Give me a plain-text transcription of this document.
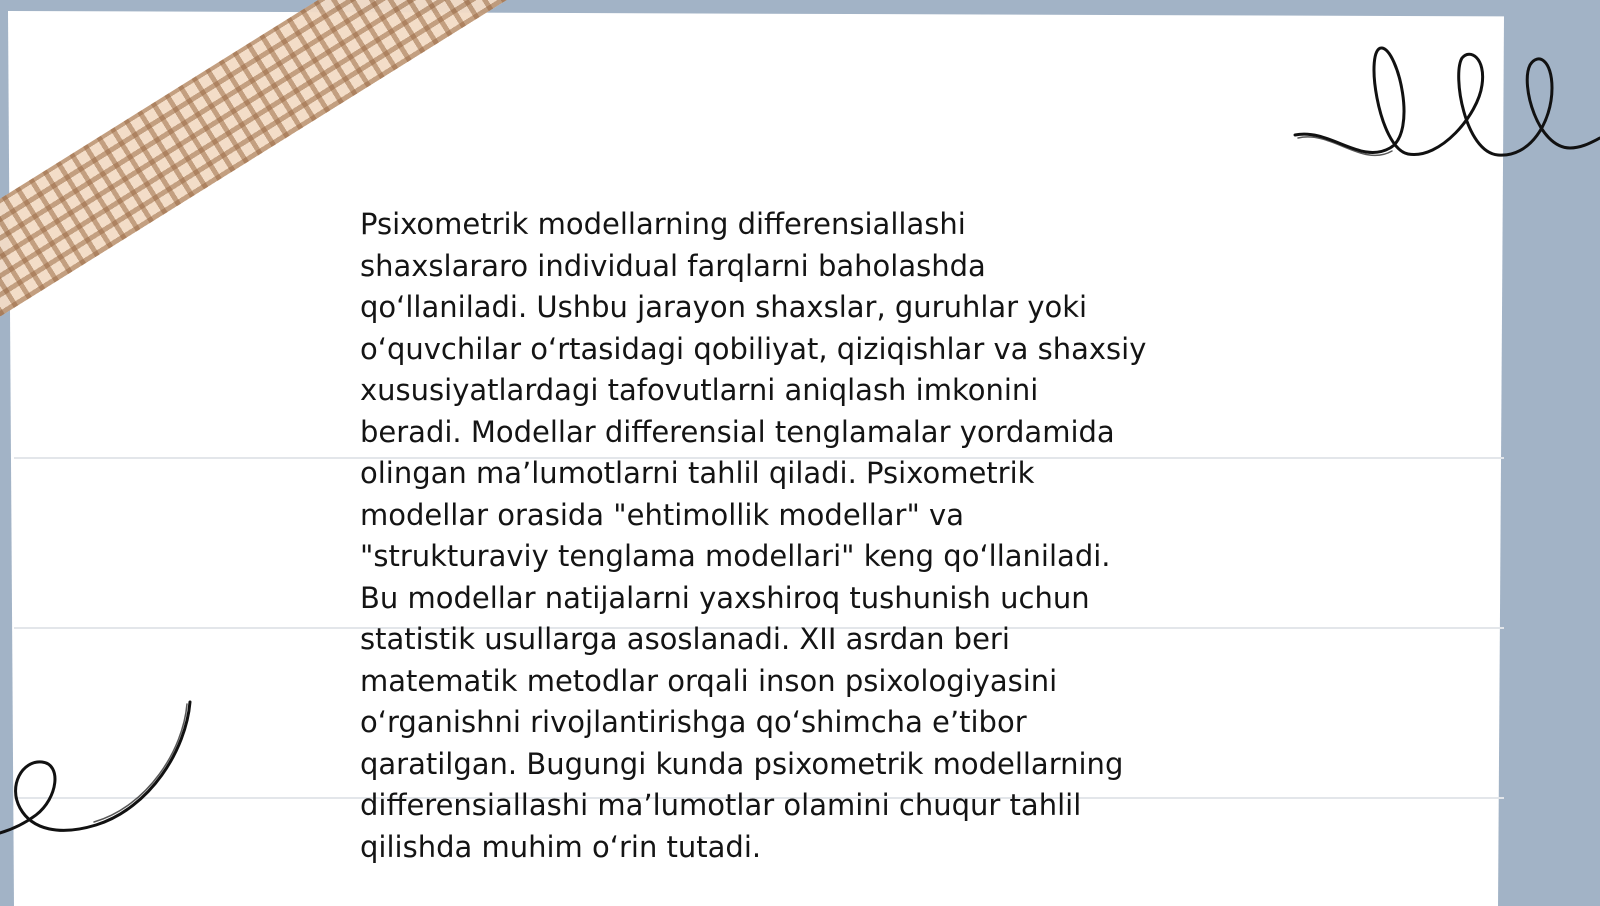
Psixometrik modellarning differensiallashi
shaxslararo individual farqlarni baholashda
qo‘llaniladi. Ushbu jarayon shaxslar, guruhlar yoki
o‘quvchilar o‘rtasidagi qobiliyat, qiziqishlar va shaxsiy
xususiyatlardagi tafovutlarni aniqlash imkonini
beradi. Modellar differensial tenglamalar yordamida
olingan ma’lumotlarni tahlil qiladi. Psixometrik
modellar orasida "ehtimollik modellar" va
"strukturaviy tenglama modellari" keng qo‘llaniladi.
Bu modellar natijalarni yaxshiroq tushunish uchun
statistik usullarga asoslanadi. XII asrdan beri
matematik metodlar orqali inson psixologiyasini
o‘rganishni rivojlantirishga qo‘shimcha e’tibor
qaratilgan. Bugungi kunda psixometrik modellarning
differensiallashi ma’lumotlar olamini chuqur tahlil
qilishda muhim o‘rin tutadi.
